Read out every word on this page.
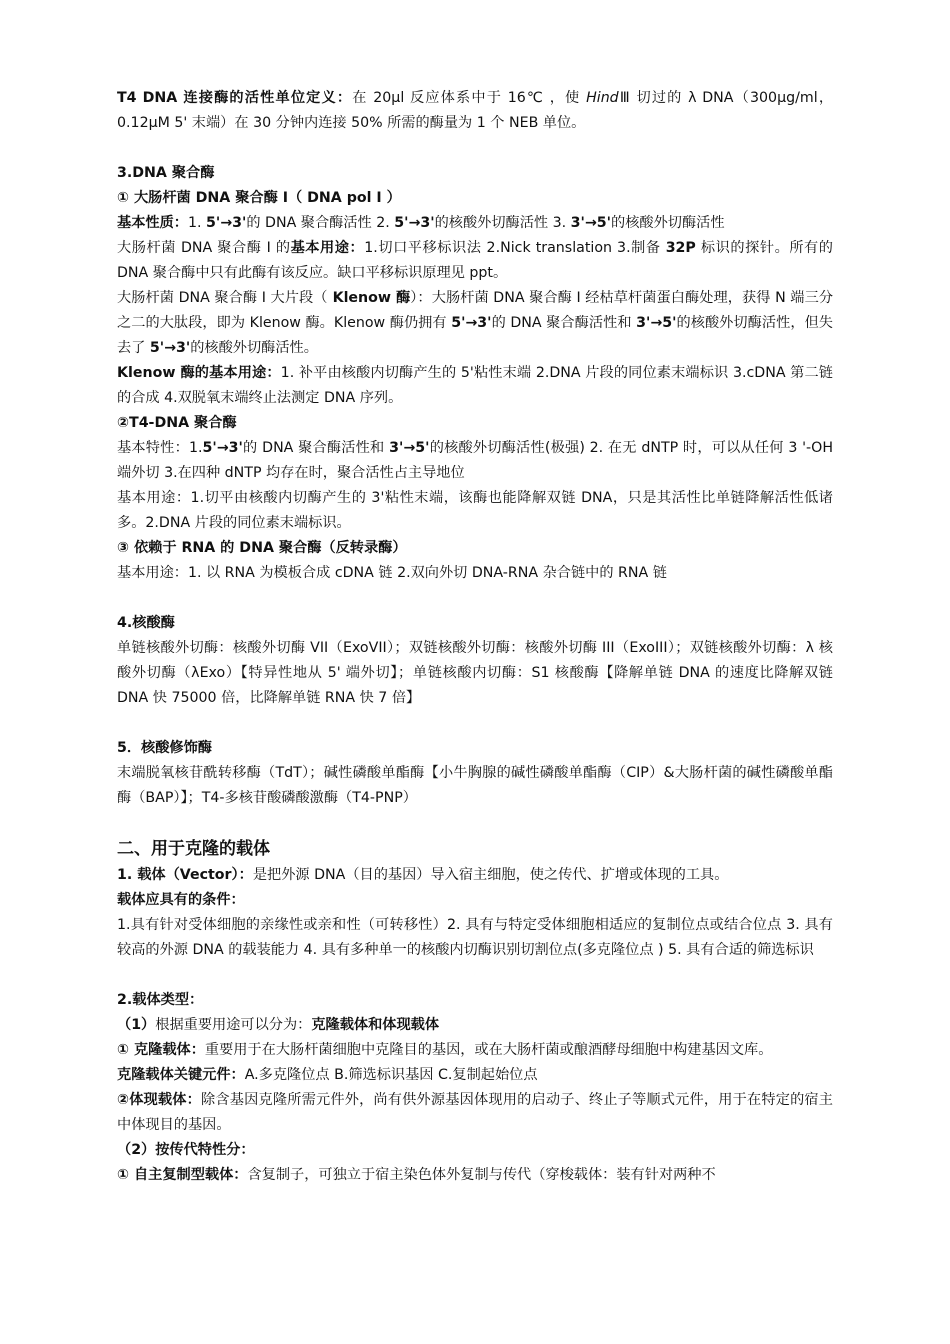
T4 DNA 连接酶的活性单位定义：在 20µl 反应体系中于 16℃ ，使 HindⅢ 切过的 λ DNA（300µg/ml，0.12µM 5' 末端）在 30 分钟内连接 50% 所需的酶量为 1 个 NEB 单位。

3.DNA 聚合酶

① 大肠杆菌 DNA 聚合酶 I（ DNA pol I ）

基本性质：1. 5'→3'的 DNA 聚合酶活性 2. 5'→3'的核酸外切酶活性 3. 3'→5'的核酸外切酶活性

大肠杆菌 DNA 聚合酶 I 的基本用途：1.切口平移标识法 2.Nick translation 3.制备 32P 标识的探针。所有的 DNA 聚合酶中只有此酶有该反应。缺口平移标识原理见 ppt。

大肠杆菌 DNA 聚合酶 I 大片段（ Klenow 酶）：大肠杆菌 DNA 聚合酶 I 经枯草杆菌蛋白酶处理，获得 N 端三分之二的大肽段，即为 Klenow 酶。Klenow 酶仍拥有 5'→3'的 DNA 聚合酶活性和 3'→5'的核酸外切酶活性，但失去了 5'→3'的核酸外切酶活性。

Klenow 酶的基本用途：1. 补平由核酸内切酶产生的 5'粘性末端 2.DNA 片段的同位素末端标识 3.cDNA 第二链的合成 4.双脱氧末端终止法测定 DNA 序列。

②T4-DNA 聚合酶

基本特性：1.5'→3'的 DNA 聚合酶活性和 3'→5'的核酸外切酶活性(极强) 2. 在无 dNTP 时，可以从任何 3 '-OH 端外切 3.在四种 dNTP 均存在时，聚合活性占主导地位

基本用途：1.切平由核酸内切酶产生的 3'粘性末端，该酶也能降解双链 DNA，只是其活性比单链降解活性低诸多。2.DNA 片段的同位素末端标识。

③ 依赖于 RNA 的 DNA 聚合酶（反转录酶）

基本用途：1. 以 RNA 为模板合成 cDNA 链 2.双向外切 DNA-RNA 杂合链中的 RNA 链

4.核酸酶

单链核酸外切酶：核酸外切酶 VII（ExoVII）；双链核酸外切酶：核酸外切酶 III（ExoIII）；双链核酸外切酶：λ 核酸外切酶（λExo）【特异性地从 5' 端外切】；单链核酸内切酶：S1 核酸酶【降解单链 DNA 的速度比降解双链 DNA 快 75000 倍，比降解单链 RNA 快 7 倍】

5．核酸修饰酶

末端脱氧核苷酰转移酶（TdT）；碱性磷酸单酯酶【小牛胸腺的碱性磷酸单酯酶（CIP）&大肠杆菌的碱性磷酸单酯酶（BAP）】；T4-多核苷酸磷酸激酶（T4-PNP）

二、用于克隆的载体

1. 载体（Vector）：是把外源 DNA（目的基因）导入宿主细胞，使之传代、扩增或体现的工具。

载体应具有的条件：

1.具有针对受体细胞的亲缘性或亲和性（可转移性）2. 具有与特定受体细胞相适应的复制位点或结合位点 3. 具有较高的外源 DNA 的载装能力 4. 具有多种单一的核酸内切酶识别切割位点(多克隆位点 ) 5. 具有合适的筛选标识

2.载体类型：

（1）根据重要用途可以分为：克隆载体和体现载体

① 克隆载体：重要用于在大肠杆菌细胞中克隆目的基因，或在大肠杆菌或酿酒酵母细胞中构建基因文库。

克隆载体关键元件：A.多克隆位点 B.筛选标识基因 C.复制起始位点

②体现载体：除含基因克隆所需元件外，尚有供外源基因体现用的启动子、终止子等顺式元件，用于在特定的宿主中体现目的基因。

（2）按传代特性分：

① 自主复制型载体：含复制子，可独立于宿主染色体外复制与传代（穿梭载体：装有针对两种不
